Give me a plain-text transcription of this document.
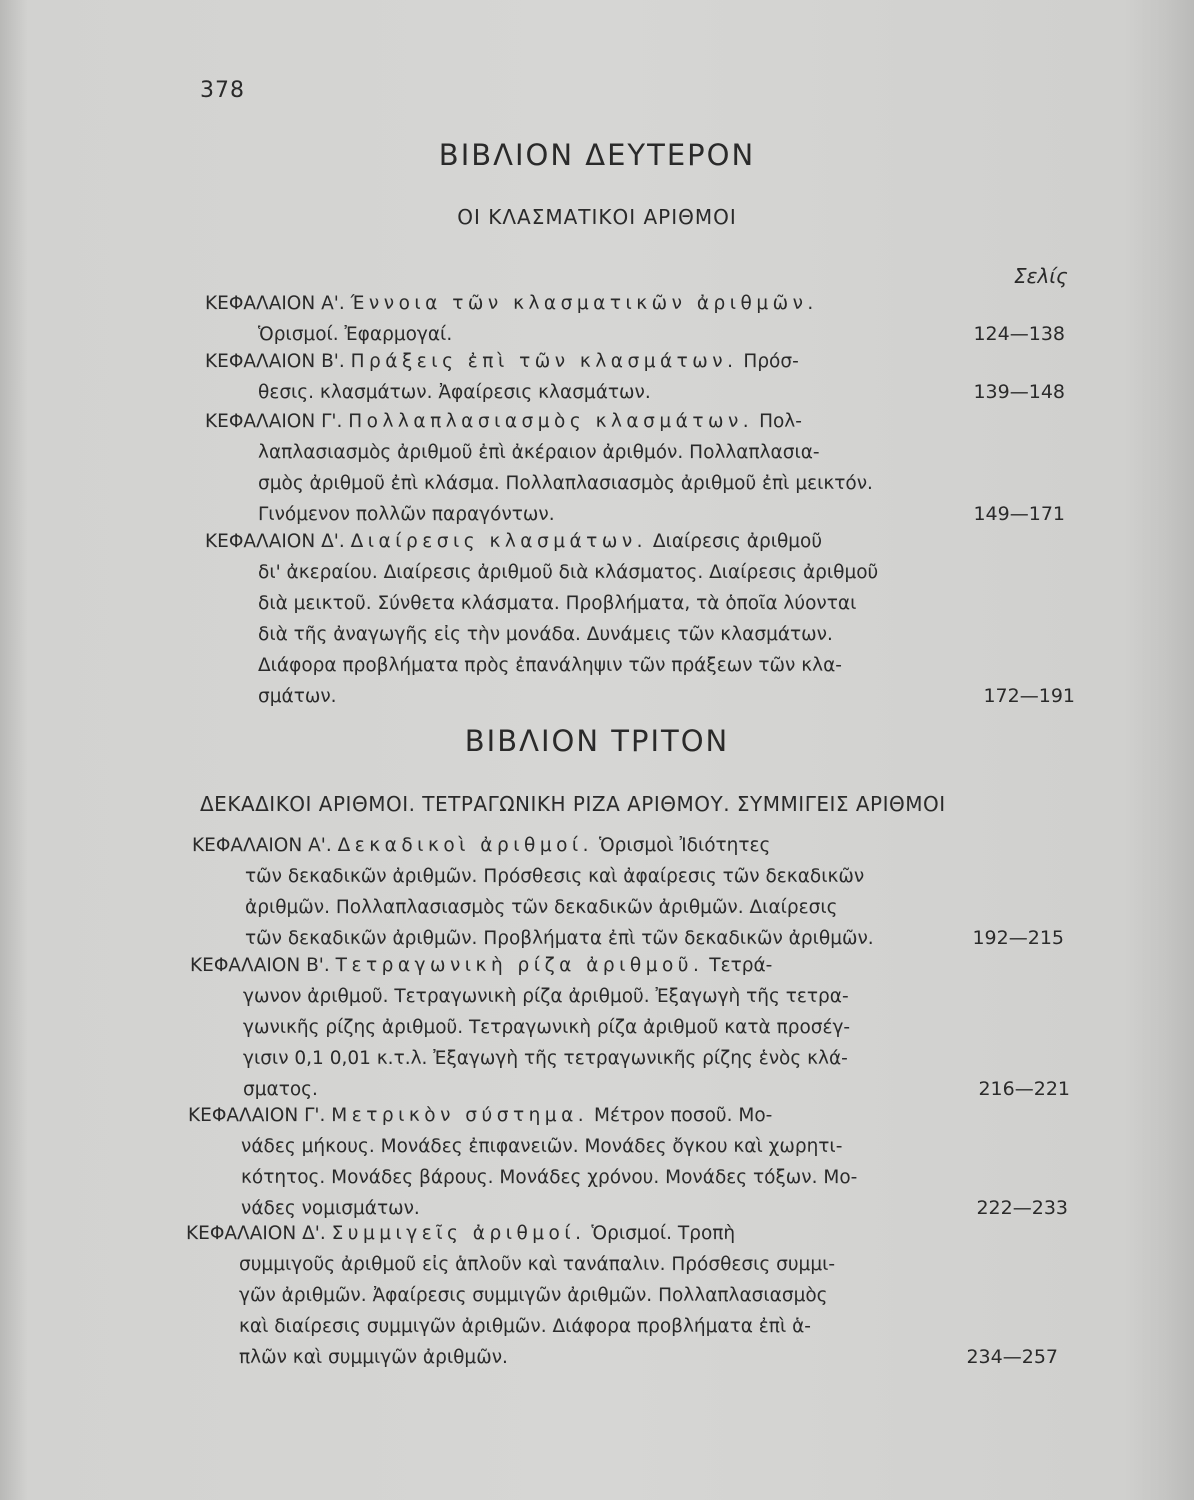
378
ΒΙΒΛΙΟΝ ΔΕΥΤΕΡΟΝ
ΟΙ ΚΛΑΣΜΑΤΙΚΟΙ ΑΡΙΘΜΟΙ
Σελίς
ΚΕΦΑΛΑΙΟΝ Α'. Έννοια τῶν κλασματικῶν ἀριθμῶν.
Ὁρισμοί. Ἐφαρμογαί.	124—138
ΚΕΦΑΛΑΙΟΝ Β'. Πράξεις ἐπὶ τῶν κλασμάτων. Πρόσ-
θεσις. κλασμάτων. Ἀφαίρεσις κλασμάτων.	139—148
ΚΕΦΑΛΑΙΟΝ Γ'. Πολλαπλασιασμὸς κλασμάτων. Πολ-
λαπλασιασμὸς ἀριθμοῦ ἐπὶ ἀκέραιον ἀριθμόν. Πολλαπλασια-
σμὸς ἀριθμοῦ ἐπὶ κλάσμα. Πολλαπλασιασμὸς ἀριθμοῦ ἐπὶ μεικτόν.
Γινόμενον πολλῶν παραγόντων.	149—171
ΚΕΦΑΛΑΙΟΝ Δ'. Διαίρεσις κλασμάτων. Διαίρεσις ἀριθμοῦ
δι' ἀκεραίου. Διαίρεσις ἀριθμοῦ διὰ κλάσματος. Διαίρεσις ἀριθμοῦ
διὰ μεικτοῦ. Σύνθετα κλάσματα. Προβλήματα, τὰ ὁποῖα λύονται
διὰ τῆς ἀναγωγῆς εἰς τὴν μονάδα. Δυνάμεις τῶν κλασμάτων.
Διάφορα προβλήματα πρὸς ἐπανάληψιν τῶν πράξεων τῶν κλα-
σμάτων.	172—191
ΒΙΒΛΙΟΝ ΤΡΙΤΟΝ
ΔΕΚΑΔΙΚΟΙ ΑΡΙΘΜΟΙ. ΤΕΤΡΑΓΩΝΙΚΗ ΡΙΖΑ ΑΡΙΘΜΟΥ. ΣΥΜΜΙΓΕΙΣ ΑΡΙΘΜΟΙ
ΚΕΦΑΛΑΙΟΝ Α'. Δεκαδικοὶ ἀριθμοί. Ὁρισμοὶ Ἰδιότητες
τῶν δεκαδικῶν ἀριθμῶν. Πρόσθεσις καὶ ἀφαίρεσις τῶν δεκαδικῶν
ἀριθμῶν. Πολλαπλασιασμὸς τῶν δεκαδικῶν ἀριθμῶν. Διαίρεσις
τῶν δεκαδικῶν ἀριθμῶν. Προβλήματα ἐπὶ τῶν δεκαδικῶν ἀριθμῶν.	192—215
ΚΕΦΑΛΑΙΟΝ Β'. Τετραγωνικὴ ρίζα ἀριθμοῦ. Τετρά-
γωνον ἀριθμοῦ. Τετραγωνικὴ ρίζα ἀριθμοῦ. Ἐξαγωγὴ τῆς τετρα-
γωνικῆς ρίζης ἀριθμοῦ. Τετραγωνικὴ ρίζα ἀριθμοῦ κατὰ προσέγ-
γισιν 0,1 0,01 κ.τ.λ. Ἐξαγωγὴ τῆς τετραγωνικῆς ρίζης ἑνὸς κλά-
σματος.	216—221
ΚΕΦΑΛΑΙΟΝ Γ'. Μετρικὸν σύστημα. Μέτρον ποσοῦ. Μο-
νάδες μήκους. Μονάδες ἐπιφανειῶν. Μονάδες ὄγκου καὶ χωρητι-
κότητος. Μονάδες βάρους. Μονάδες χρόνου. Μονάδες τόξων. Μο-
νάδες νομισμάτων.	222—233
ΚΕΦΑΛΑΙΟΝ Δ'. Συμμιγεῖς ἀριθμοί. Ὁρισμοί. Τροπὴ
συμμιγοῦς ἀριθμοῦ εἰς ἁπλοῦν καὶ τανάπαλιν. Πρόσθεσις συμμι-
γῶν ἀριθμῶν. Ἀφαίρεσις συμμιγῶν ἀριθμῶν. Πολλαπλασιασμὸς
καὶ διαίρεσις συμμιγῶν ἀριθμῶν. Διάφορα προβλήματα ἐπὶ ἁ-
πλῶν καὶ συμμιγῶν ἀριθμῶν.	234—257
